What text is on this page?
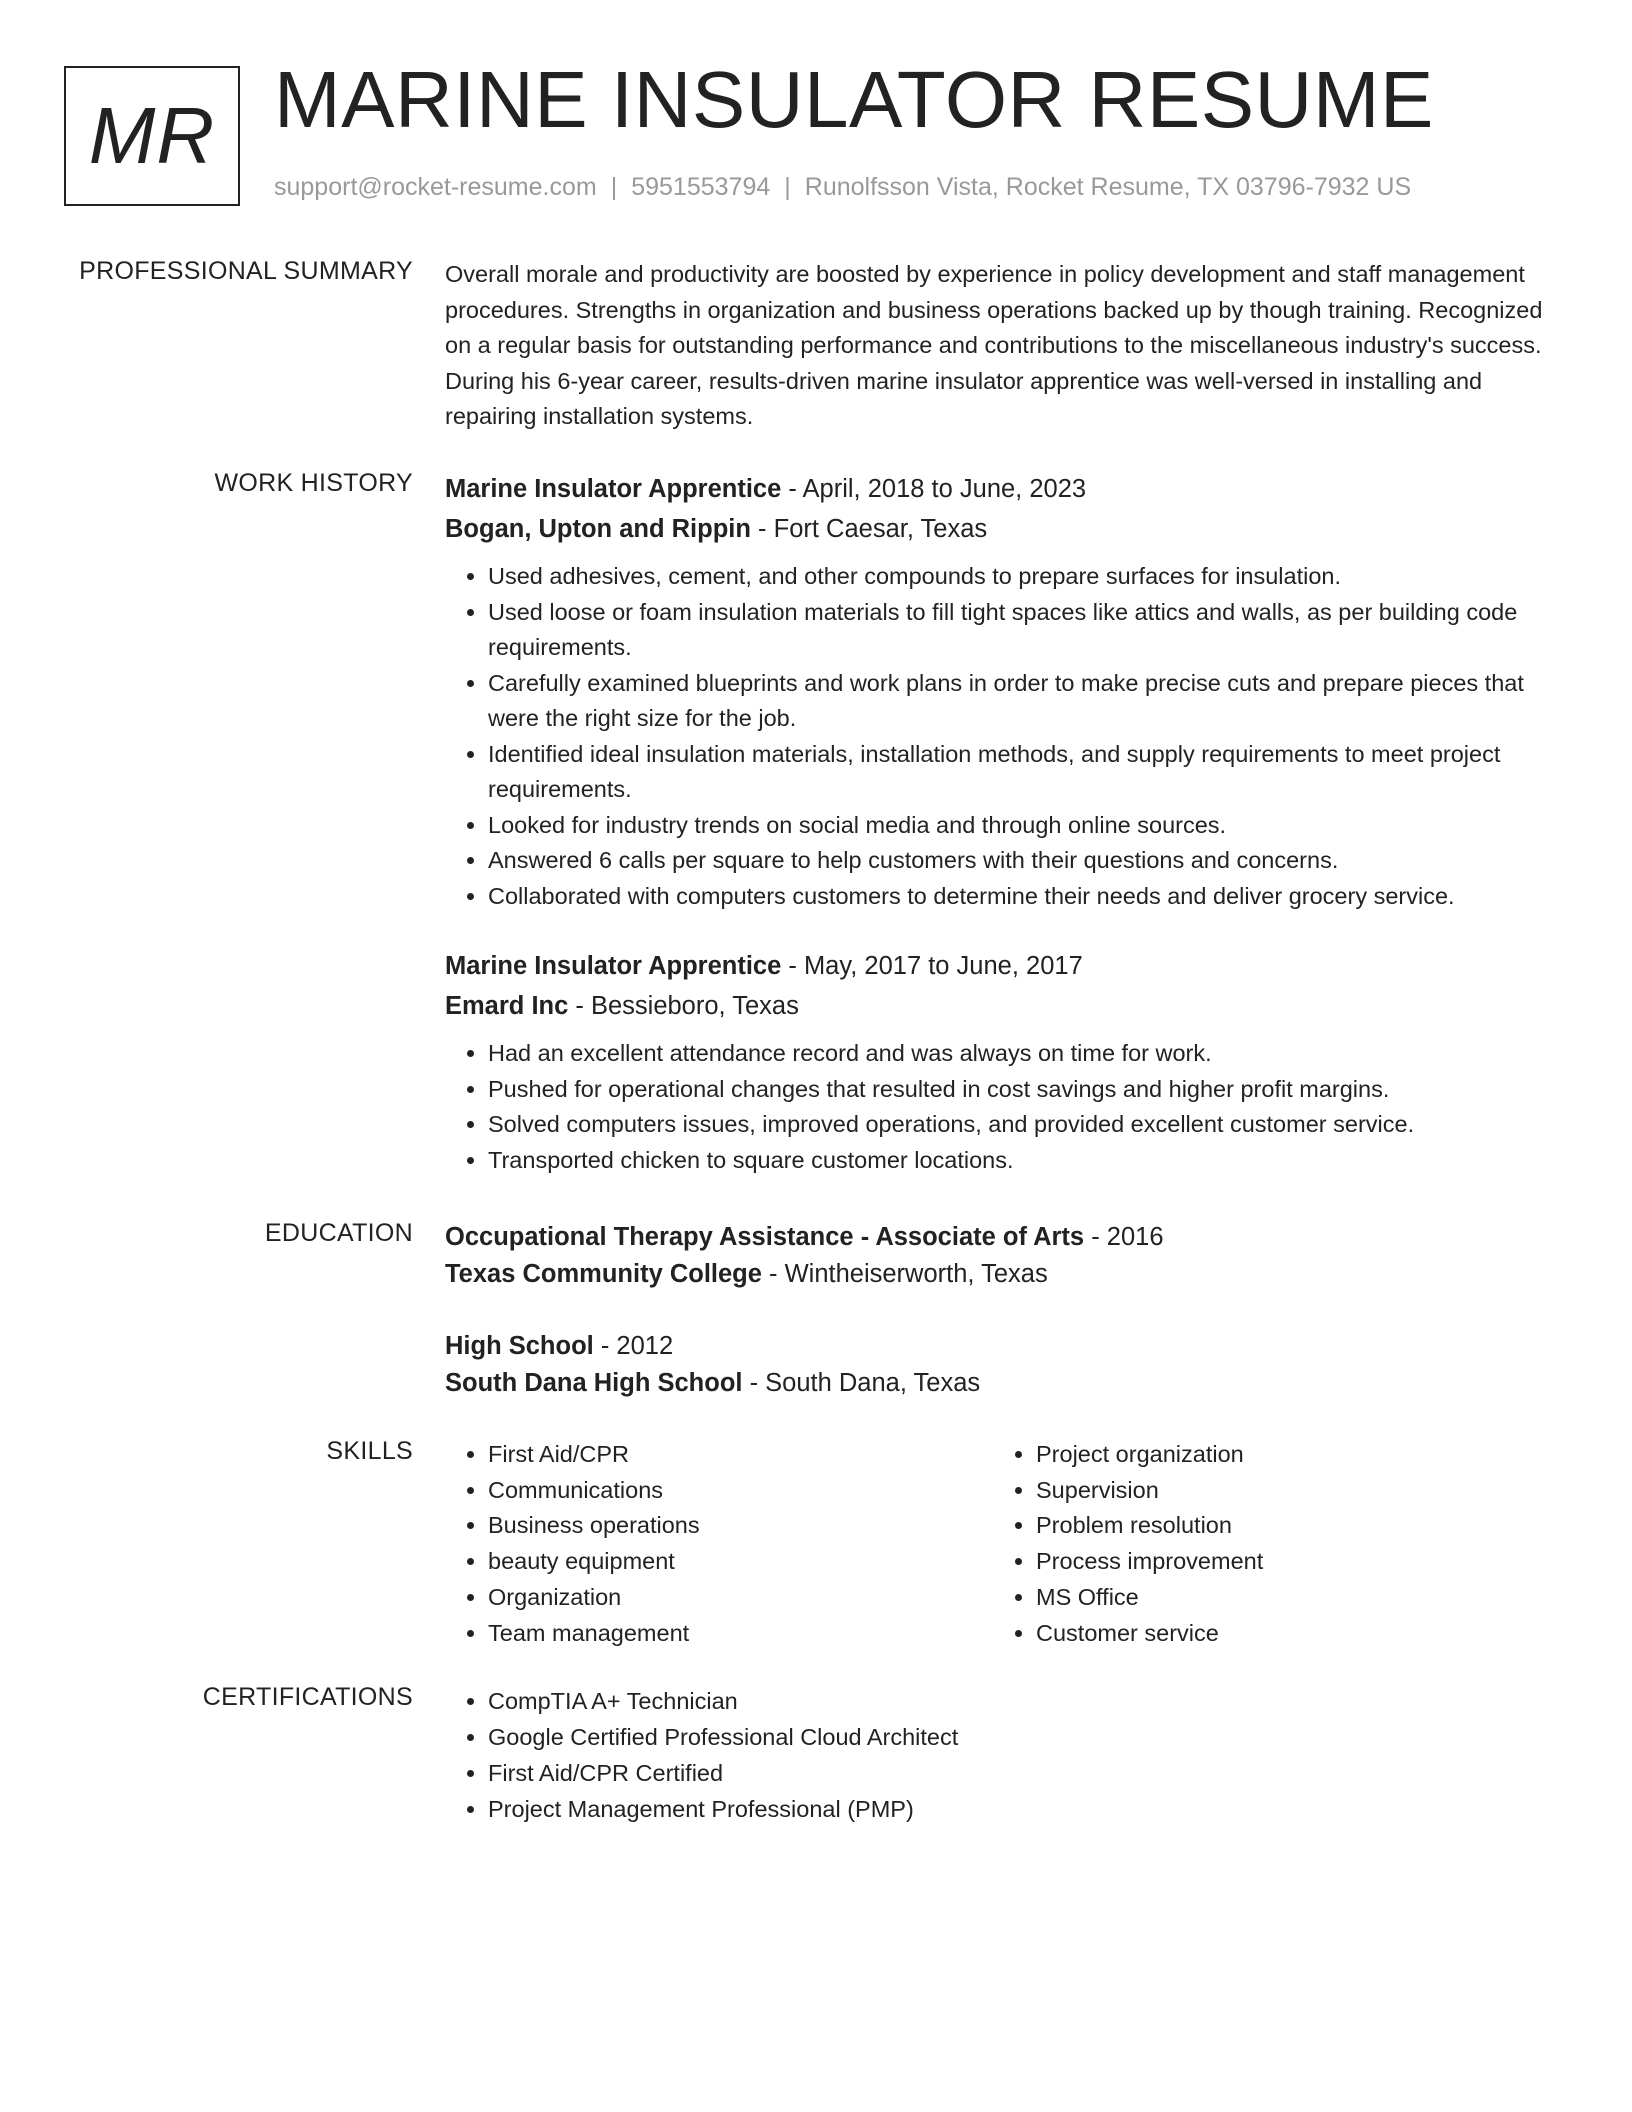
MR MARINE INSULATOR RESUME
support@rocket-resume.com | 5951553794 | Runolfsson Vista, Rocket Resume, TX 03796-7932 US
PROFESSIONAL SUMMARY Overall morale and productivity are boosted by experience in policy development and staff management procedures. Strengths in organization and business operations backed up by though training. Recognized on a regular basis for outstanding performance and contributions to the miscellaneous industry's success. During his 6-year career, results-driven marine insulator apprentice was well-versed in installing and repairing installation systems.

WORK HISTORY Marine Insulator Apprentice - April, 2018 to June, 2023
Bogan, Upton and Rippin - Fort Caesar, Texas
• Used adhesives, cement, and other compounds to prepare surfaces for insulation.
• Used loose or foam insulation materials to fill tight spaces like attics and walls, as per building code requirements.
• Carefully examined blueprints and work plans in order to make precise cuts and prepare pieces that were the right size for the job.
• Identified ideal insulation materials, installation methods, and supply requirements to meet project requirements.
• Looked for industry trends on social media and through online sources.
• Answered 6 calls per square to help customers with their questions and concerns.
• Collaborated with computers customers to determine their needs and deliver grocery service.
Marine Insulator Apprentice - May, 2017 to June, 2017
Emard Inc - Bessieboro, Texas
• Had an excellent attendance record and was always on time for work.
• Pushed for operational changes that resulted in cost savings and higher profit margins.
• Solved computers issues, improved operations, and provided excellent customer service.
• Transported chicken to square customer locations.
EDUCATION Occupational Therapy Assistance - Associate of Arts - 2016
Texas Community College - Wintheiserworth, Texas
High School - 2012
South Dana High School - South Dana, Texas
SKILLS	• First Aid/CPR
• Communications
• Business operations
• beauty equipment
• Organization
• Team management
• Project organization
• Supervision
• Problem resolution
• Process improvement
• MS Office
• Customer service
CERTIFICATIONS	• CompTIA A+ Technician
• Google Certified Professional Cloud Architect
• First Aid/CPR Certified
• Project Management Professional (PMP)
